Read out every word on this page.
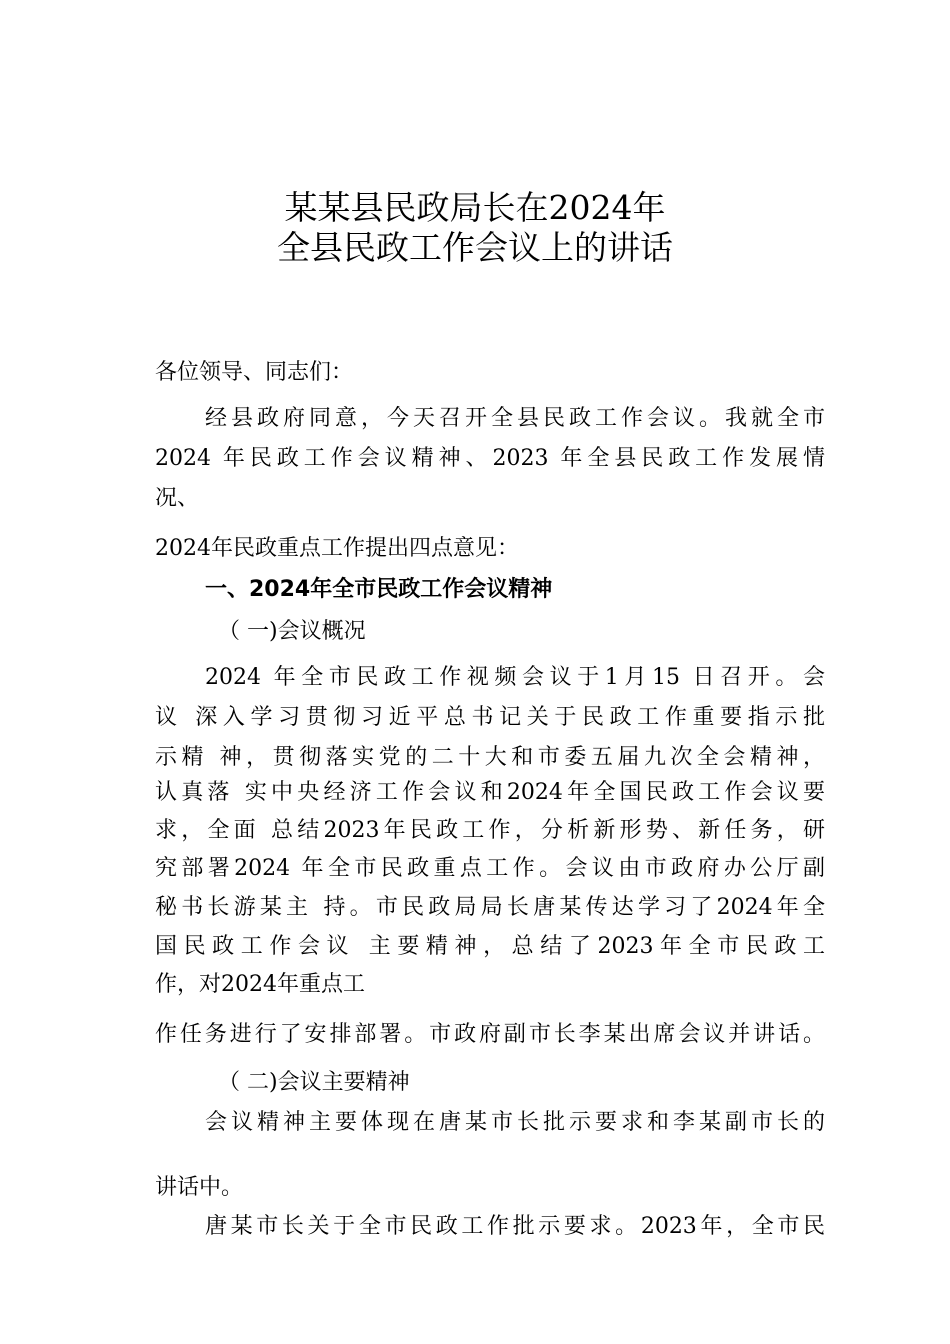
某某县民政局长在2024年
全县民政工作会议上的讲话
各位领导、同志们：
经县政府同意，今天召开全县民政工作会议。我就全市
2024 年民政工作会议精神、2023 年全县民政工作发展情
况、
2024年民政重点工作提出四点意见：
一、2024年全市民政工作会议精神
（ 一)会议概况
2024 年全市民政工作视频会议于1月15 日召开。会
议 深入学习贯彻习近平总书记关于民政工作重要指示批
示精 神，贯彻落实党的二十大和市委五届九次全会精神，
认真落 实中央经济工作会议和2024年全国民政工作会议要
求，全面 总结2023年民政工作，分析新形势、新任务，研
究部署2024 年全市民政重点工作。会议由市政府办公厅副
秘书长游某主 持。市民政局局长唐某传达学习了2024年全
国民政工作会议 主要精神，总结了2023年全市民政工
作，对2024年重点工
作任务进行了安排部署。市政府副市长李某出席会议并讲话。
（ 二)会议主要精神
会议精神主要体现在唐某市长批示要求和李某副市长的
讲话中。
唐某市长关于全市民政工作批示要求。2023年，全市民
